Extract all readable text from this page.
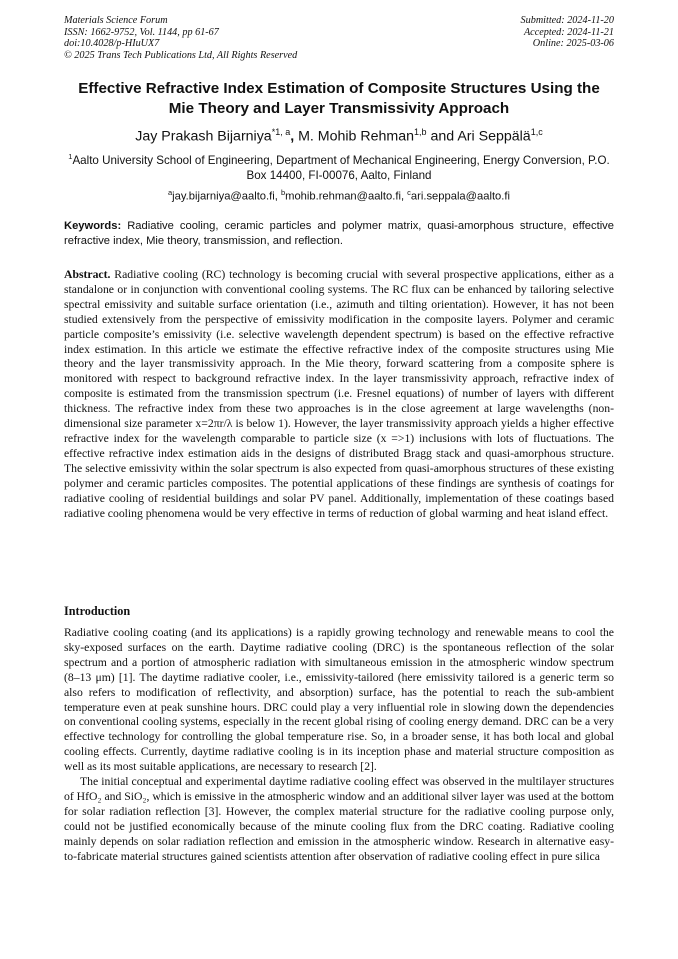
Materials Science Forum
ISSN: 1662-9752, Vol. 1144, pp 61-67
doi:10.4028/p-HIuUX7
© 2025 Trans Tech Publications Ltd, All Rights Reserved
Submitted: 2024-11-20
Accepted: 2024-11-21
Online: 2025-03-06
Effective Refractive Index Estimation of Composite Structures Using the
Mie Theory and Layer Transmissivity Approach
Jay Prakash Bijarniya$^{*1, a}$, M. Mohib Rehman$^{1,b}$ and Ari Seppälä$^{1,c}$
$^1$Aalto University School of Engineering, Department of Mechanical Engineering, Energy Conversion, P.O. Box 14400, FI-00076, Aalto, Finland
$^a$jay.bijarniya@aalto.fi, $^b$mohib.rehman@aalto.fi, $^c$ari.seppala@aalto.fi
Keywords: Radiative cooling, ceramic particles and polymer matrix, quasi-amorphous structure, effective refractive index, Mie theory, transmission, and reflection.
Abstract. Radiative cooling (RC) technology is becoming crucial with several prospective applications, either as a standalone or in conjunction with conventional cooling systems. The RC flux can be enhanced by tailoring selective spectral emissivity and suitable surface orientation (i.e., azimuth and tilting orientation). However, it has not been studied extensively from the perspective of emissivity modification in the composite layers. Polymer and ceramic particle composite’s emissivity (i.e. selective wavelength dependent spectrum) is based on the effective refractive index estimation. In this article we estimate the effective refractive index of the composite structures using Mie theory and the layer transmissivity approach. In the Mie theory, forward scattering from a composite sphere is monitored with respect to background refractive index. In the layer transmissivity approach, refractive index of composite is estimated from the transmission spectrum (i.e. Fresnel equations) of number of layers with different thickness. The refractive index from these two approaches is in the close agreement at large wavelengths (non-dimensional size parameter x=2πr/λ is below 1). However, the layer transmissivity approach yields a higher effective refractive index for the wavelength comparable to particle size (x =>1) inclusions with lots of fluctuations. The effective refractive index estimation aids in the designs of distributed Bragg stack and quasi-amorphous structure. The selective emissivity within the solar spectrum is also expected from quasi-amorphous structures of these existing polymer and ceramic particles composites. The potential applications of these findings are synthesis of coatings for radiative cooling of residential buildings and solar PV panel. Additionally, implementation of these coatings based radiative cooling phenomena would be very effective in terms of reduction of global warming and heat island effect.
Introduction

Radiative cooling coating (and its applications) is a rapidly growing technology and renewable means to cool the sky-exposed surfaces on the earth. Daytime radiative cooling (DRC) is the spontaneous reflection of the solar spectrum and a portion of atmospheric radiation with simultaneous emission in the atmospheric window spectrum (8–13 μm) [1]. The daytime radiative cooler, i.e., emissivity-tailored (here emissivity tailored is a generic term so also refers to modification of reflectivity, and absorption) surface, has the potential to reach the sub-ambient temperature even at peak sunshine hours. DRC could play a very influential role in slowing down the dependencies on conventional cooling systems, especially in the recent global rising of cooling energy demand. DRC can be a very effective technology for controlling the global temperature rise. So, in a broader sense, it has both local and global cooling effects. Currently, daytime radiative cooling is in its inception phase and material structure composition as well as its most suitable applications, are necessary to research [2].

The initial conceptual and experimental daytime radiative cooling effect was observed in the multilayer structures of HfO₂ and SiO₂, which is emissive in the atmospheric window and an additional silver layer was used at the bottom for solar radiation reflection [3]. However, the complex material structure for the radiative cooling purpose only, could not be justified economically because of the minute cooling flux from the DRC coating. Radiative cooling mainly depends on solar radiation reflection and emission in the atmospheric window. Research in alternative easy-to-fabricate material structures gained scientists attention after observation of radiative cooling effect in pure silica
